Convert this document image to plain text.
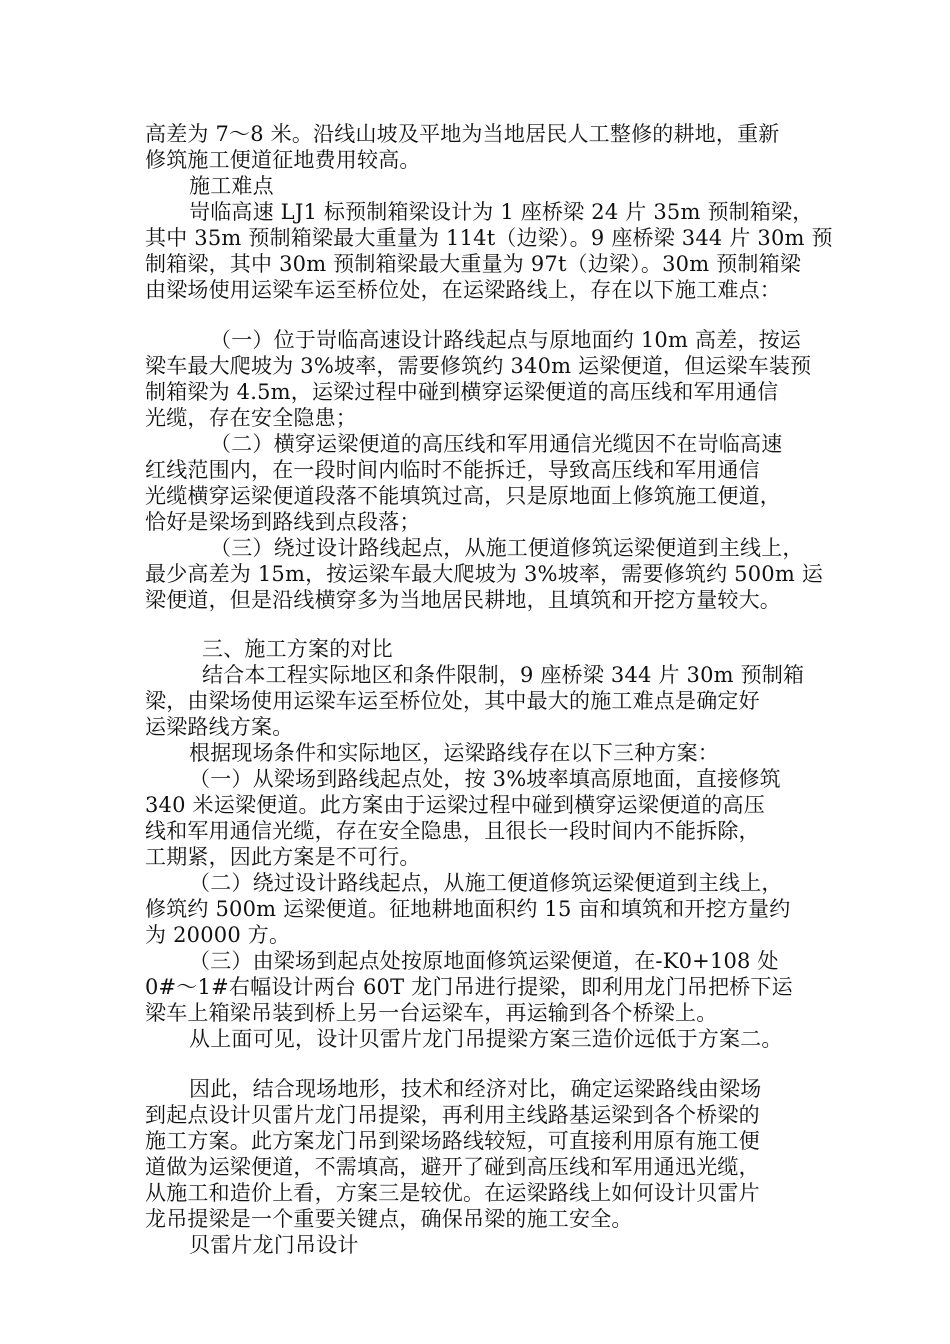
高差为 7～8 米。沿线山坡及平地为当地居民人工整修的耕地，重新
修筑施工便道征地费用较高。
施工难点
岢临高速 LJ1 标预制箱梁设计为 1 座桥梁 24 片 35m 预制箱梁，
其中 35m 预制箱梁最大重量为 114t（边梁）。9 座桥梁 344 片 30m 预
制箱梁，其中 30m 预制箱梁最大重量为 97t（边梁）。30m 预制箱梁
由梁场使用运梁车运至桥位处，在运梁路线上，存在以下施工难点：
（一）位于岢临高速设计路线起点与原地面约 10m 高差，按运
梁车最大爬坡为 3%坡率，需要修筑约 340m 运梁便道，但运梁车装预
制箱梁为 4.5m，运梁过程中碰到横穿运梁便道的高压线和军用通信
光缆，存在安全隐患；
（二）横穿运梁便道的高压线和军用通信光缆因不在岢临高速
红线范围内，在一段时间内临时不能拆迁，导致高压线和军用通信
光缆横穿运梁便道段落不能填筑过高，只是原地面上修筑施工便道，
恰好是梁场到路线到点段落；
（三）绕过设计路线起点，从施工便道修筑运梁便道到主线上，
最少高差为 15m，按运梁车最大爬坡为 3%坡率，需要修筑约 500m 运
梁便道，但是沿线横穿多为当地居民耕地，且填筑和开挖方量较大。
三、施工方案的对比
结合本工程实际地区和条件限制，9 座桥梁 344 片 30m 预制箱
梁，由梁场使用运梁车运至桥位处，其中最大的施工难点是确定好
运梁路线方案。
根据现场条件和实际地区，运梁路线存在以下三种方案：
（一）从梁场到路线起点处，按 3%坡率填高原地面，直接修筑
340 米运梁便道。此方案由于运梁过程中碰到横穿运梁便道的高压
线和军用通信光缆，存在安全隐患，且很长一段时间内不能拆除，
工期紧，因此方案是不可行。
（二）绕过设计路线起点，从施工便道修筑运梁便道到主线上，
修筑约 500m 运梁便道。征地耕地面积约 15 亩和填筑和开挖方量约
为 20000 方。
（三）由梁场到起点处按原地面修筑运梁便道，在-K0+108 处
0#～1#右幅设计两台 60T 龙门吊进行提梁，即利用龙门吊把桥下运
梁车上箱梁吊装到桥上另一台运梁车，再运输到各个桥梁上。
从上面可见，设计贝雷片龙门吊提梁方案三造价远低于方案二。
因此，结合现场地形，技术和经济对比，确定运梁路线由梁场
到起点设计贝雷片龙门吊提梁，再利用主线路基运梁到各个桥梁的
施工方案。此方案龙门吊到梁场路线较短，可直接利用原有施工便
道做为运梁便道，不需填高，避开了碰到高压线和军用通迅光缆，
从施工和造价上看，方案三是较优。在运梁路线上如何设计贝雷片
龙吊提梁是一个重要关键点，确保吊梁的施工安全。
贝雷片龙门吊设计
